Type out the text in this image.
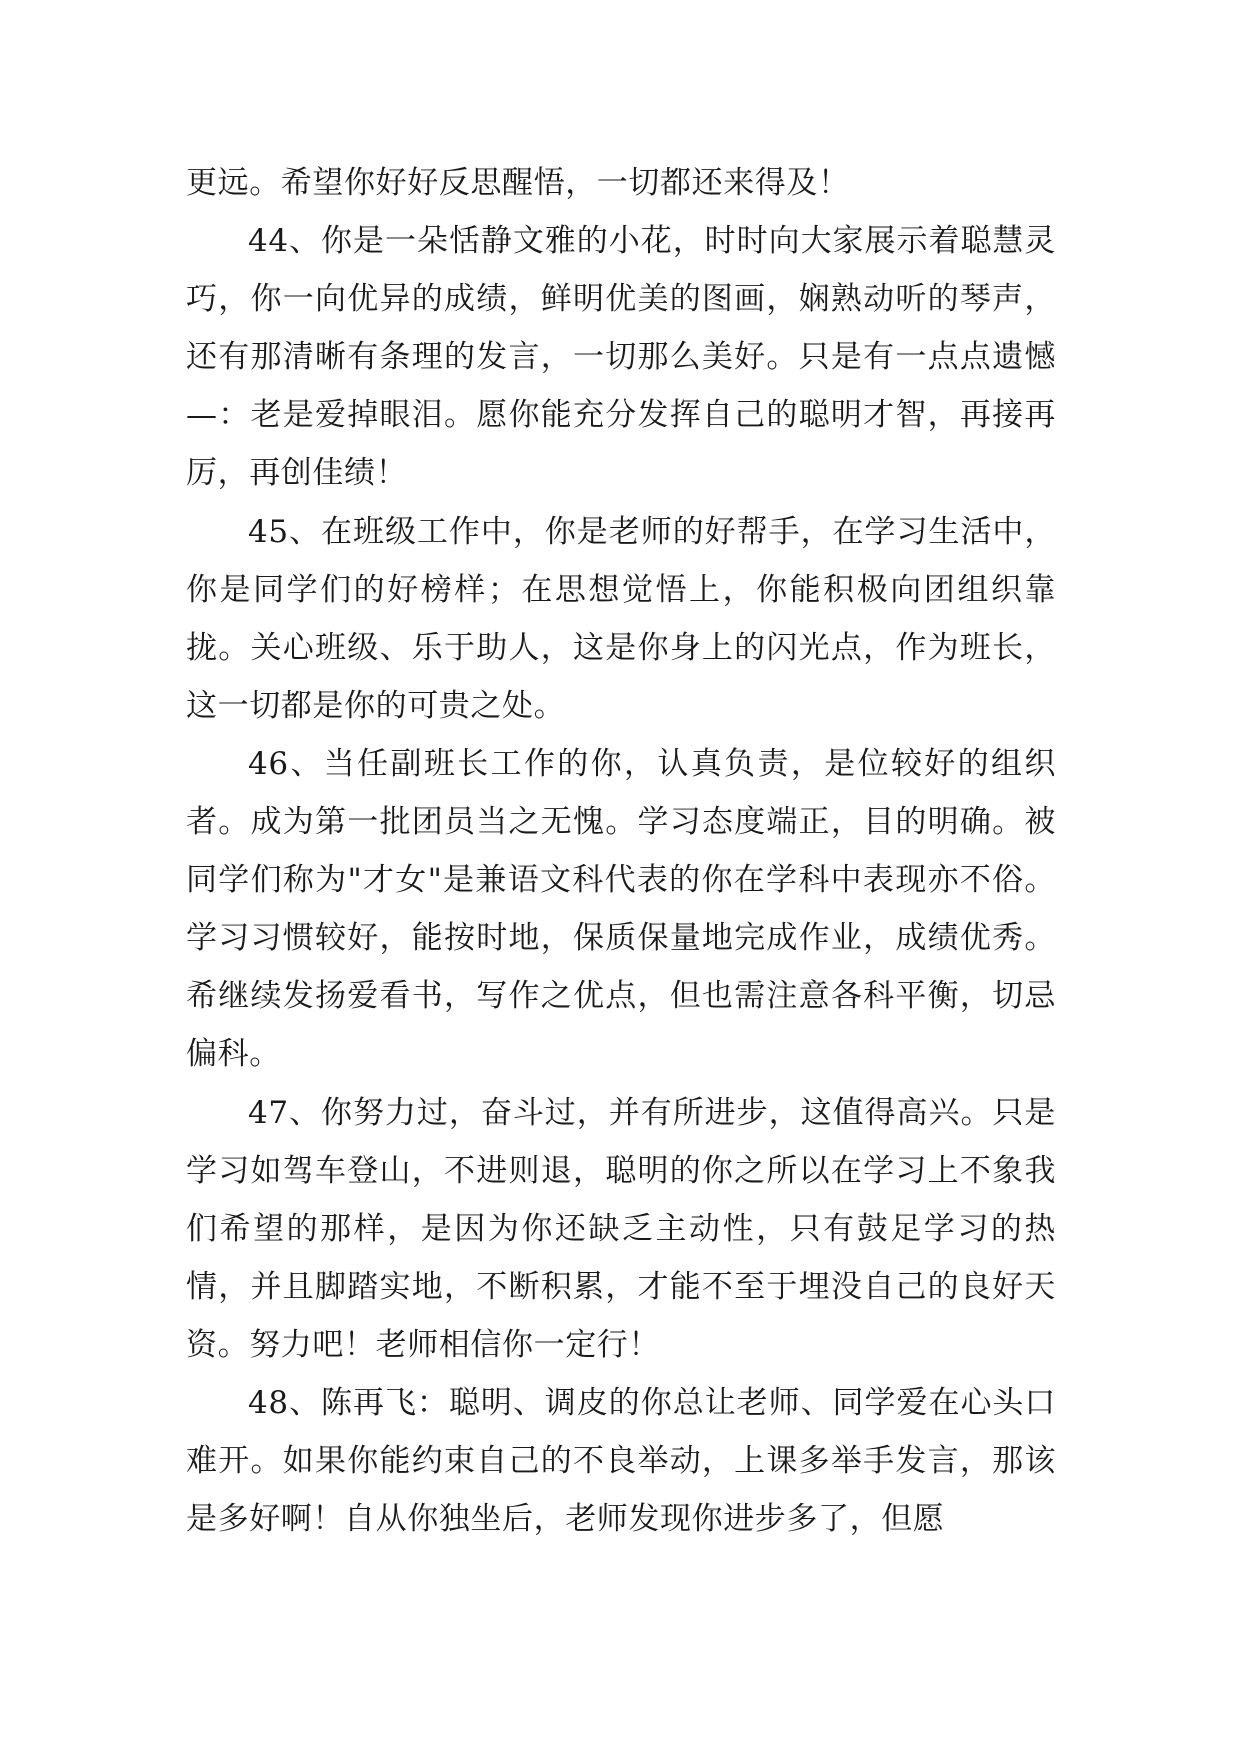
更远。希望你好好反思醒悟，一切都还来得及！

44、你是一朵恬静文雅的小花，时时向大家展示着聪慧灵巧，你一向优异的成绩，鲜明优美的图画，娴熟动听的琴声，还有那清晰有条理的发言，一切那么美好。只是有一点点遗憾—：老是爱掉眼泪。愿你能充分发挥自己的聪明才智，再接再厉，再创佳绩！

45、在班级工作中，你是老师的好帮手，在学习生活中，你是同学们的好榜样；在思想觉悟上，你能积极向团组织靠拢。关心班级、乐于助人，这是你身上的闪光点，作为班长，这一切都是你的可贵之处。

46、当任副班长工作的你，认真负责，是位较好的组织者。成为第一批团员当之无愧。学习态度端正，目的明确。被同学们称为"才女"是兼语文科代表的你在学科中表现亦不俗。学习习惯较好，能按时地，保质保量地完成作业，成绩优秀。希继续发扬爱看书，写作之优点，但也需注意各科平衡，切忌偏科。

47、你努力过，奋斗过，并有所进步，这值得高兴。只是学习如驾车登山，不进则退，聪明的你之所以在学习上不象我们希望的那样，是因为你还缺乏主动性，只有鼓足学习的热情，并且脚踏实地，不断积累，才能不至于埋没自己的良好天资。努力吧！老师相信你一定行！

48、陈再飞：聪明、调皮的你总让老师、同学爱在心头口难开。如果你能约束自己的不良举动，上课多举手发言，那该是多好啊！自从你独坐后，老师发现你进步多了，但愿
